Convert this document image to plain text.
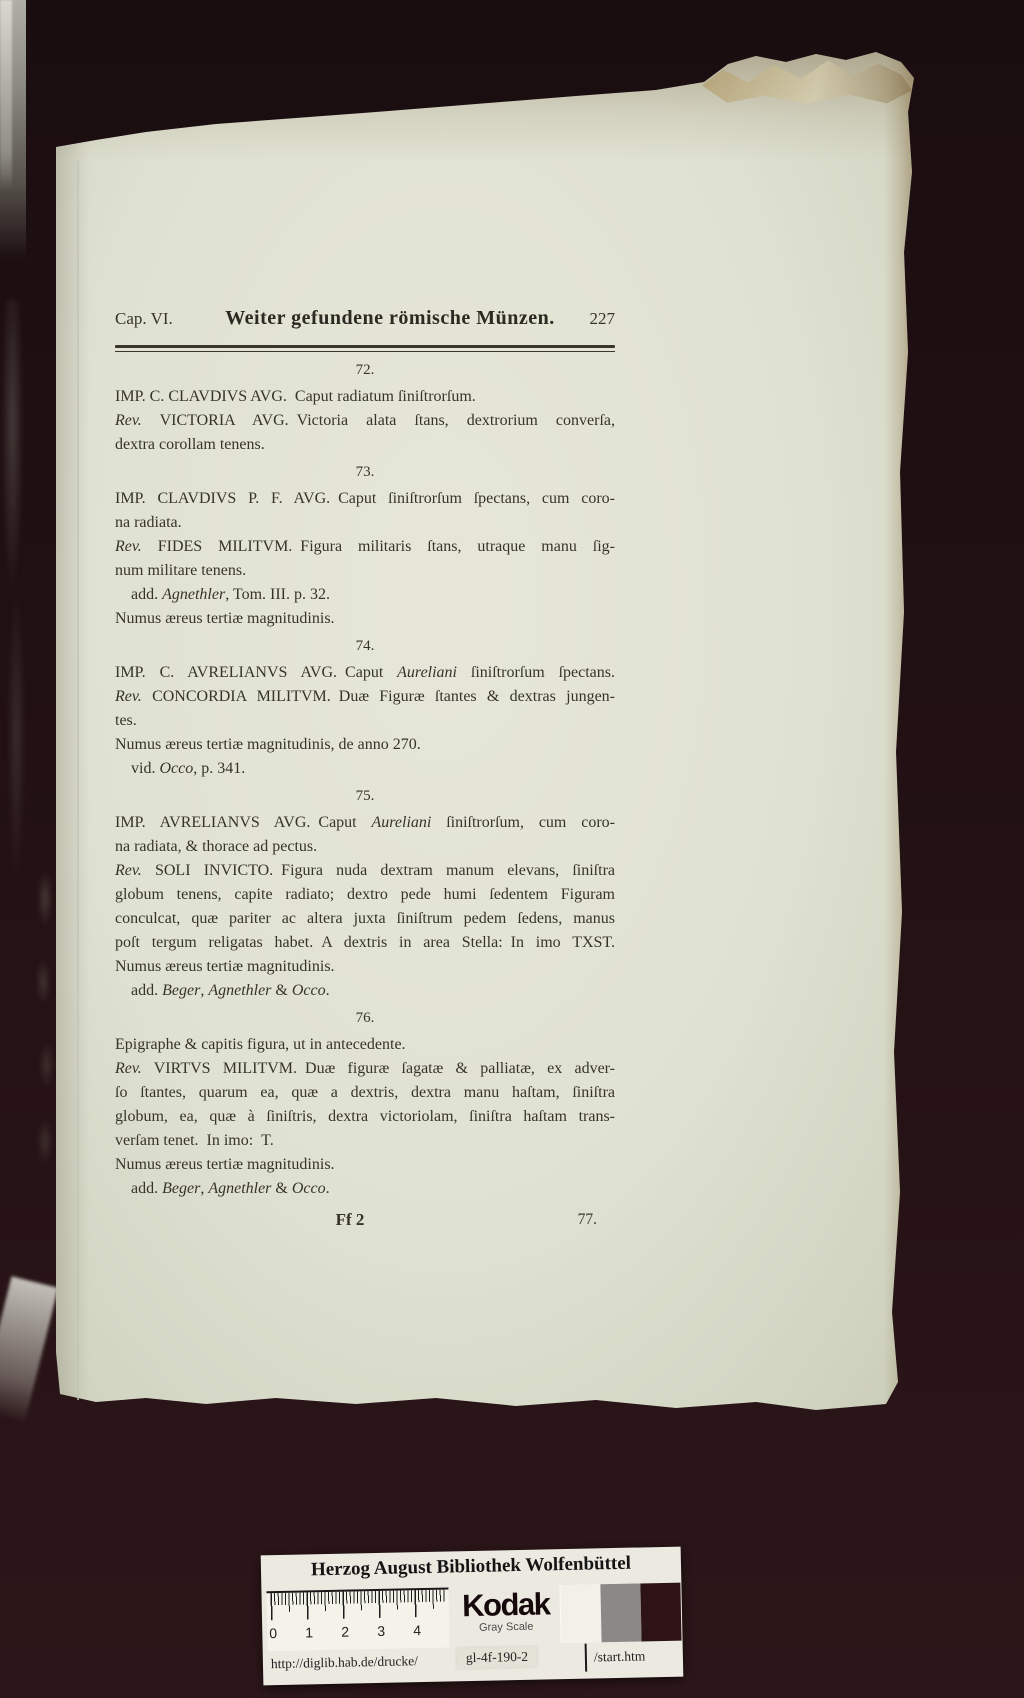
Cap. VI.	Weiter gefundene römische Münzen.	227
72.
IMP. C. CLAVDIVS AVG. Caput radiatum ſiniſtrorſum.
Rev. VICTORIA AVG. Victoria alata ſtans, dextrorium converſa,
dextra corollam tenens.
73.
IMP. CLAVDIVS P. F. AVG. Caput ſiniſtrorſum ſpectans, cum coro-
na radiata.
Rev. FIDES MILITVM. Figura militaris ſtans, utraque manu ſig-
num militare tenens.
add. Agnethler, Tom. III. p. 32.
Numus æreus tertiæ magnitudinis.
74.
IMP. C. AVRELIANVS AVG. Caput Aureliani ſiniſtrorſum ſpectans.
Rev. CONCORDIA MILITVM. Duæ Figuræ ſtantes & dextras jungen-
tes.
Numus æreus tertiæ magnitudinis, de anno 270.
vid. Occo, p. 341.
75.
IMP. AVRELIANVS AVG. Caput Aureliani ſiniſtrorſum, cum coro-
na radiata, & thorace ad pectus.
Rev. SOLI INVICTO. Figura nuda dextram manum elevans, ſiniſtra
globum tenens, capite radiato; dextro pede humi ſedentem Figuram
conculcat, quæ pariter ac altera juxta ſiniſtrum pedem ſedens, manus
poſt tergum religatas habet. A dextris in area Stella: In imo TXST.
Numus æreus tertiæ magnitudinis.
add. Beger, Agnethler & Occo.
76.
Epigraphe & capitis figura, ut in antecedente.
Rev. VIRTVS MILITVM. Duæ figuræ ſagatæ & palliatæ, ex adver-
ſo ſtantes, quarum ea, quæ a dextris, dextra manu haſtam, ſiniſtra
globum, ea, quæ à ſiniſtris, dextra victoriolam, ſiniſtra haſtam trans-
verſam tenet. In imo: T.
Numus æreus tertiæ magnitudinis.
add. Beger, Agnethler & Occo.
Ff 2	77.
Herzog August Bibliothek Wolfenbüttel
0 1 2 3 4
Kodak
Gray Scale
http://diglib.hab.de/drucke/	gl-4f-190-2	/start.htm
